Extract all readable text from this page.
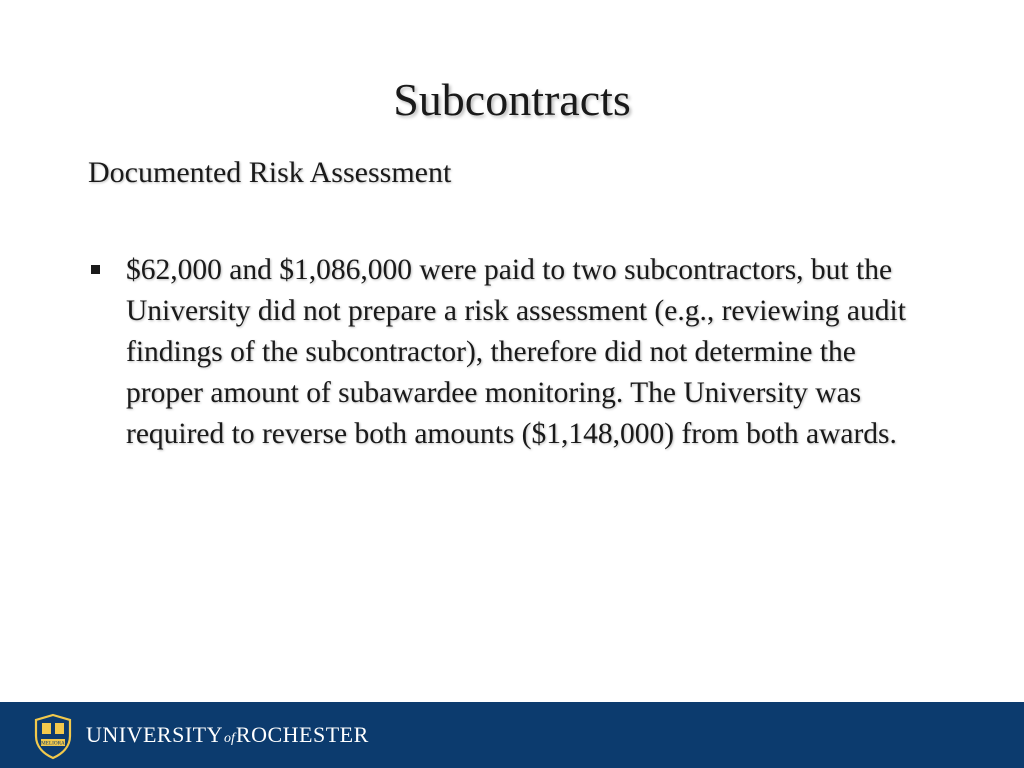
Subcontracts
Documented Risk Assessment
$62,000 and $1,086,000 were paid to two subcontractors, but the University did not prepare a risk assessment (e.g., reviewing audit findings of the subcontractor), therefore did not determine the proper amount of subawardee monitoring. The University was required to reverse both amounts ($1,148,000) from both awards.
MELIORA UNIVERSITYofROCHESTER
